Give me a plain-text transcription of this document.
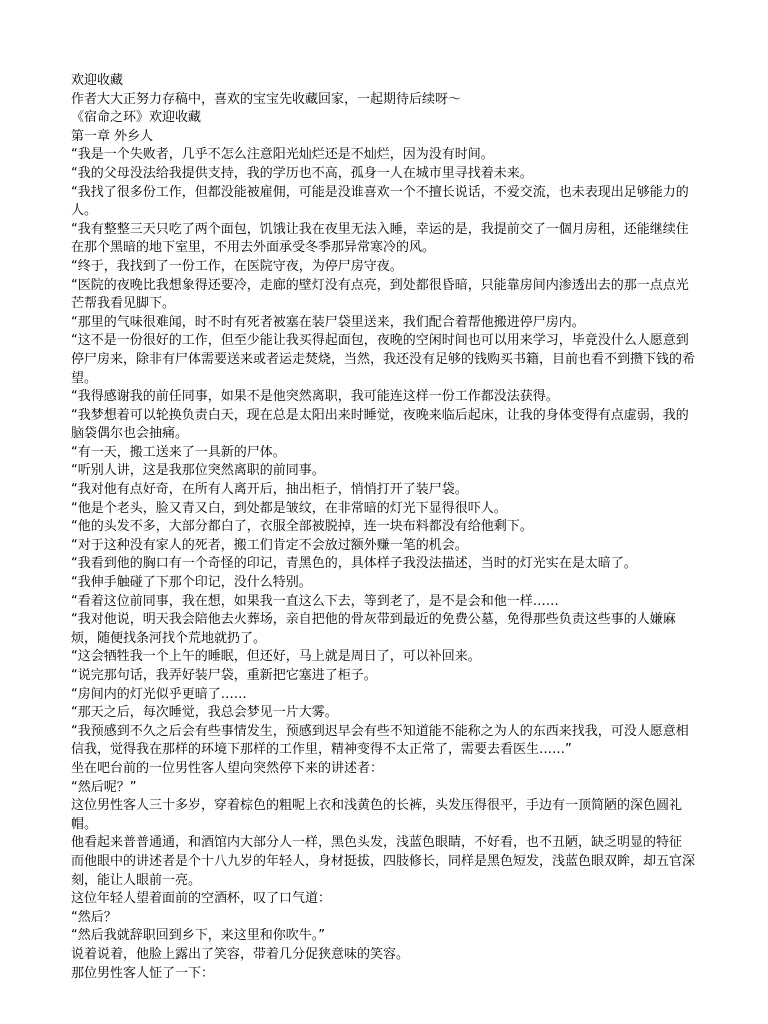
欢迎收藏

作者大大正努力存稿中，喜欢的宝宝先收藏回家，一起期待后续呀～

《宿命之环》欢迎收藏

第一章 外乡人

“我是一个失败者，几乎不怎么注意阳光灿烂还是不灿烂，因为没有时间。

“我的父母没法给我提供支持，我的学历也不高，孤身一人在城市里寻找着未来。

“我找了很多份工作，但都没能被雇佣，可能是没谁喜欢一个不擅长说话，不爱交流，也未表现出足够能力的人。

“我有整整三天只吃了两个面包，饥饿让我在夜里无法入睡，幸运的是，我提前交了一個月房租，还能继续住在那个黑暗的地下室里，不用去外面承受冬季那异常寒冷的风。

“终于，我找到了一份工作，在医院守夜，为停尸房守夜。

“医院的夜晚比我想象得还要冷，走廊的壁灯没有点亮，到处都很昏暗，只能靠房间内渗透出去的那一点点光芒帮我看见脚下。

“那里的气味很难闻，时不时有死者被塞在装尸袋里送来，我们配合着帮他搬进停尸房内。

“这不是一份很好的工作，但至少能让我买得起面包，夜晚的空闲时间也可以用来学习，毕竟没什么人愿意到停尸房来，除非有尸体需要送来或者运走焚烧，当然，我还没有足够的钱购买书籍，目前也看不到攒下钱的希望。

“我得感谢我的前任同事，如果不是他突然离职，我可能连这样一份工作都没法获得。

“我梦想着可以轮换负责白天，现在总是太阳出来时睡觉，夜晚来临后起床，让我的身体变得有点虚弱，我的脑袋偶尔也会抽痛。

“有一天，搬工送来了一具新的尸体。

“听别人讲，这是我那位突然离职的前同事。

“我对他有点好奇，在所有人离开后，抽出柜子，悄悄打开了装尸袋。

“他是个老头，脸又青又白，到处都是皱纹，在非常暗的灯光下显得很吓人。

“他的头发不多，大部分都白了，衣服全部被脱掉，连一块布料都没有给他剩下。

“对于这种没有家人的死者，搬工们肯定不会放过额外赚一笔的机会。

“我看到他的胸口有一个奇怪的印记，青黑色的，具体样子我没法描述，当时的灯光实在是太暗了。

“我伸手触碰了下那个印记，没什么特别。

“看着这位前同事，我在想，如果我一直这么下去，等到老了，是不是会和他一样……

“我对他说，明天我会陪他去火葬场，亲自把他的骨灰带到最近的免费公墓，免得那些负责这些事的人嫌麻烦，随便找条河找个荒地就扔了。

“这会牺牲我一个上午的睡眠，但还好，马上就是周日了，可以补回来。

“说完那句话，我弄好装尸袋，重新把它塞进了柜子。

“房间内的灯光似乎更暗了……

“那天之后，每次睡觉，我总会梦见一片大雾。

“我预感到不久之后会有些事情发生，预感到迟早会有些不知道能不能称之为人的东西来找我，可没人愿意相信我，觉得我在那样的环境下那样的工作里，精神变得不太正常了，需要去看医生……”

坐在吧台前的一位男性客人望向突然停下来的讲述者：

“然后呢？”

这位男性客人三十多岁，穿着棕色的粗呢上衣和浅黄色的长裤，头发压得很平，手边有一顶简陋的深色圆礼帽。

他看起来普普通通，和酒馆内大部分人一样，黑色头发，浅蓝色眼睛，不好看，也不丑陋，缺乏明显的特征

而他眼中的讲述者是个十八九岁的年轻人，身材挺拔，四肢修长，同样是黑色短发，浅蓝色眼双眸，却五官深刻，能让人眼前一亮。

这位年轻人望着面前的空酒杯，叹了口气道：

“然后？

“然后我就辞职回到乡下，来这里和你吹牛。”

说着说着，他脸上露出了笑容，带着几分促狭意味的笑容。

那位男性客人怔了一下：
